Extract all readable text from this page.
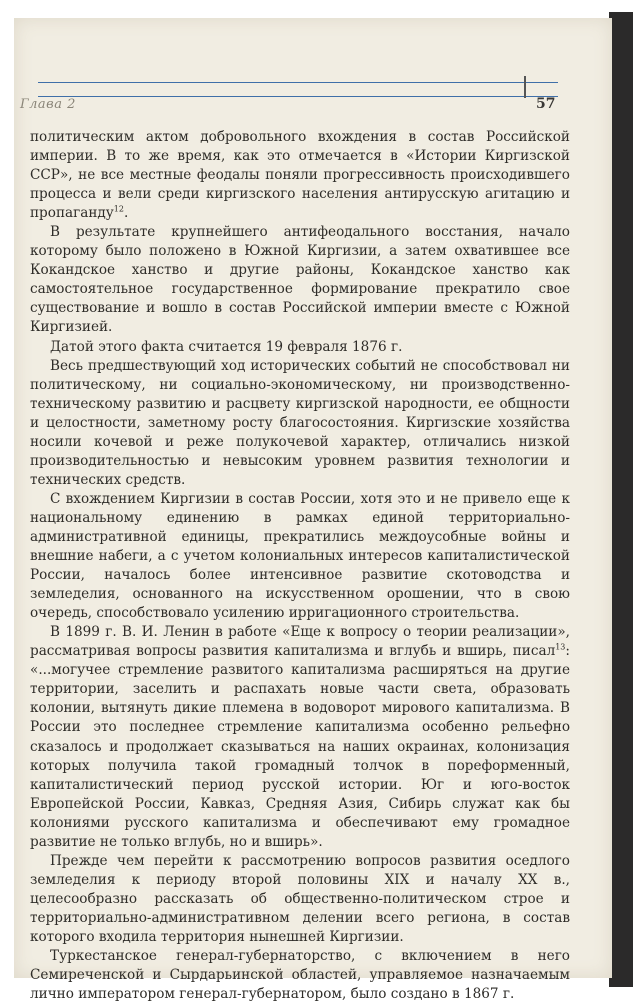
Глава 2	57

политическим актом добровольного вхождения в состав Российской империи. В то же время, как это отмечается в «Истории Киргизской ССР», не все местные феодалы поняли прогрессивность происходившего процесса и вели среди киргизского населения антирусскую агитацию и пропаганду$^{12}$.

В результате крупнейшего антифеодального восстания, начало которому было положено в Южной Киргизии, а затем охватившее все Кокандское ханство и другие районы, Кокандское ханство как самостоятельное государственное формирование прекратило свое существование и вошло в состав Российской империи вместе с Южной Киргизией.

Датой этого факта считается 19 февраля 1876 г.

Весь предшествующий ход исторических событий не способствовал ни политическому, ни социально-экономическому, ни производственно-техническому развитию и расцвету киргизской народности, ее общности и целостности, заметному росту благосостояния. Киргизские хозяйства носили кочевой и реже полукочевой характер, отличались низкой производительностью и невысоким уровнем развития технологии и технических средств.

С вхождением Киргизии в состав России, хотя это и не привело еще к национальному единению в рамках единой территориально-административной единицы, прекратились междоусобные войны и внешние набеги, а с учетом колониальных интересов капиталистической России, началось более интенсивное развитие скотоводства и земледелия, основанного на искусственном орошении, что в свою очередь, способствовало усилению ирригационного строительства.

В 1899 г. В. И. Ленин в работе «Еще к вопросу о теории реализации», рассматривая вопросы развития капитализма и вглубь и вширь, писал$^{13}$: «...могучее стремление развитого капитализма расширяться на другие территории, заселить и распахать новые части света, образовать колонии, вытянуть дикие племена в водоворот мирового капитализма. В России это последнее стремление капитализма особенно рельефно сказалось и продолжает сказываться на наших окраинах, колонизация которых получила такой громадный толчок в пореформенный, капиталистический период русской истории. Юг и юго-восток Европейской России, Кавказ, Средняя Азия, Сибирь служат как бы колониями русского капитализма и обеспечивают ему громадное развитие не только вглубь, но и вширь».

Прежде чем перейти к рассмотрению вопросов развития оседлого земледелия к периоду второй половины XIX и началу XX в., целесообразно рассказать об общественно-политическом строе и территориально-административном делении всего региона, в состав которого входила территория нынешней Киргизии.

Туркестанское генерал-губернаторство, с включением в него Семиреченской и Сырдарьинской областей, управляемое назначаемым лично императором генерал-губернатором, было создано в 1867 г.
